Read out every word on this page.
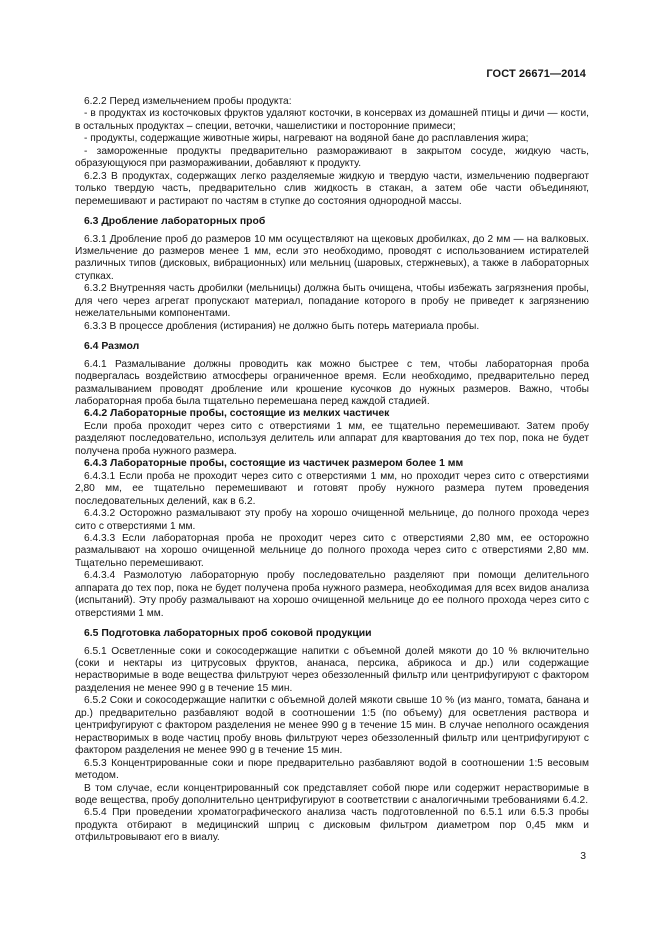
ГОСТ 26671—2014

6.2.2 Перед измельчением пробы продукта:

- в продуктах из косточковых фруктов удаляют косточки, в консервах из домашней птицы и дичи — кости, в остальных продуктах – специи, веточки, чашелистики и посторонние примеси;

- продукты, содержащие животные жиры, нагревают на водяной бане до расплавления жира;

- замороженные продукты предварительно размораживают в закрытом сосуде, жидкую часть, образующуюся при размораживании, добавляют к продукту.

6.2.3 В продуктах, содержащих легко разделяемые жидкую и твердую части, измельчению подвергают только твердую часть, предварительно слив жидкость в стакан, а затем обе части объединяют, перемешивают и растирают по частям в ступке до состояния однородной массы.

6.3 Дробление лабораторных проб

6.3.1 Дробление проб до размеров 10 мм осуществляют на щековых дробилках, до 2 мм — на валковых. Измельчение до размеров менее 1 мм, если это необходимо, проводят с использованием истирателей различных типов (дисковых, вибрационных) или мельниц (шаровых, стержневых), а также в лабораторных ступках.

6.3.2 Внутренняя часть дробилки (мельницы) должна быть очищена, чтобы избежать загрязнения пробы, для чего через агрегат пропускают материал, попадание которого в пробу не приведет к загрязнению нежелательными компонентами.

6.3.3 В процессе дробления (истирания) не должно быть потерь материала пробы.

6.4 Размол

6.4.1 Размалывание должны проводить как можно быстрее с тем, чтобы лабораторная проба подвергалась воздействию атмосферы ограниченное время. Если необходимо, предварительно перед размалыванием проводят дробление или крошение кусочков до нужных размеров. Важно, чтобы лабораторная проба была тщательно перемешана перед каждой стадией.

6.4.2 Лабораторные пробы, состоящие из мелких частичек

Если проба проходит через сито с отверстиями 1 мм, ее тщательно перемешивают. Затем пробу разделяют последовательно, используя делитель или аппарат для квартования до тех пор, пока не будет получена проба нужного размера.

6.4.3 Лабораторные пробы, состоящие из частичек размером более 1 мм

6.4.3.1 Если проба не проходит через сито с отверстиями 1 мм, но проходит через сито с отверстиями 2,80 мм, ее тщательно перемешивают и готовят пробу нужного размера путем проведения последовательных делений, как в 6.2.

6.4.3.2 Осторожно размалывают эту пробу на хорошо очищенной мельнице, до полного прохода через сито с отверстиями 1 мм.

6.4.3.3 Если лабораторная проба не проходит через сито с отверстиями 2,80 мм, ее осторожно размалывают на хорошо очищенной мельнице до полного прохода через сито с отверстиями 2,80 мм. Тщательно перемешивают.

6.4.3.4 Размолотую лабораторную пробу последовательно разделяют при помощи делительного аппарата до тех пор, пока не будет получена проба нужного размера, необходимая для всех видов анализа (испытаний). Эту пробу размалывают на хорошо очищенной мельнице до ее полного прохода через сито с отверстиями 1 мм.

6.5 Подготовка лабораторных проб соковой продукции

6.5.1 Осветленные соки и сокосодержащие напитки с объемной долей мякоти до 10 % включительно (соки и нектары из цитрусовых фруктов, ананаса, персика, абрикоса и др.) или содержащие нерастворимые в воде вещества фильтруют через обеззоленный фильтр или центрифугируют с фактором разделения не менее 990 g в течение 15 мин.

6.5.2 Соки и сокосодержащие напитки с объемной долей мякоти свыше 10 % (из манго, томата, банана и др.) предварительно разбавляют водой в соотношении 1:5 (по объему) для осветления раствора и центрифугируют с фактором разделения не менее 990 g в течение 15 мин. В случае неполного осаждения нерастворимых в воде частиц пробу вновь фильтруют через обеззоленный фильтр или центрифугируют с фактором разделения не менее 990 g в течение 15 мин.

6.5.3 Концентрированные соки и пюре предварительно разбавляют водой в соотношении 1:5 весовым методом.

В том случае, если концентрированный сок представляет собой пюре или содержит нерастворимые в воде вещества, пробу дополнительно центрифугируют в соответствии с аналогичными требованиями 6.4.2.

6.5.4 При проведении хроматографического анализа часть подготовленной по 6.5.1 или 6.5.3 пробы продукта отбирают в медицинский шприц с дисковым фильтром диаметром пор 0,45 мкм и отфильтровывают его в виалу.

3
